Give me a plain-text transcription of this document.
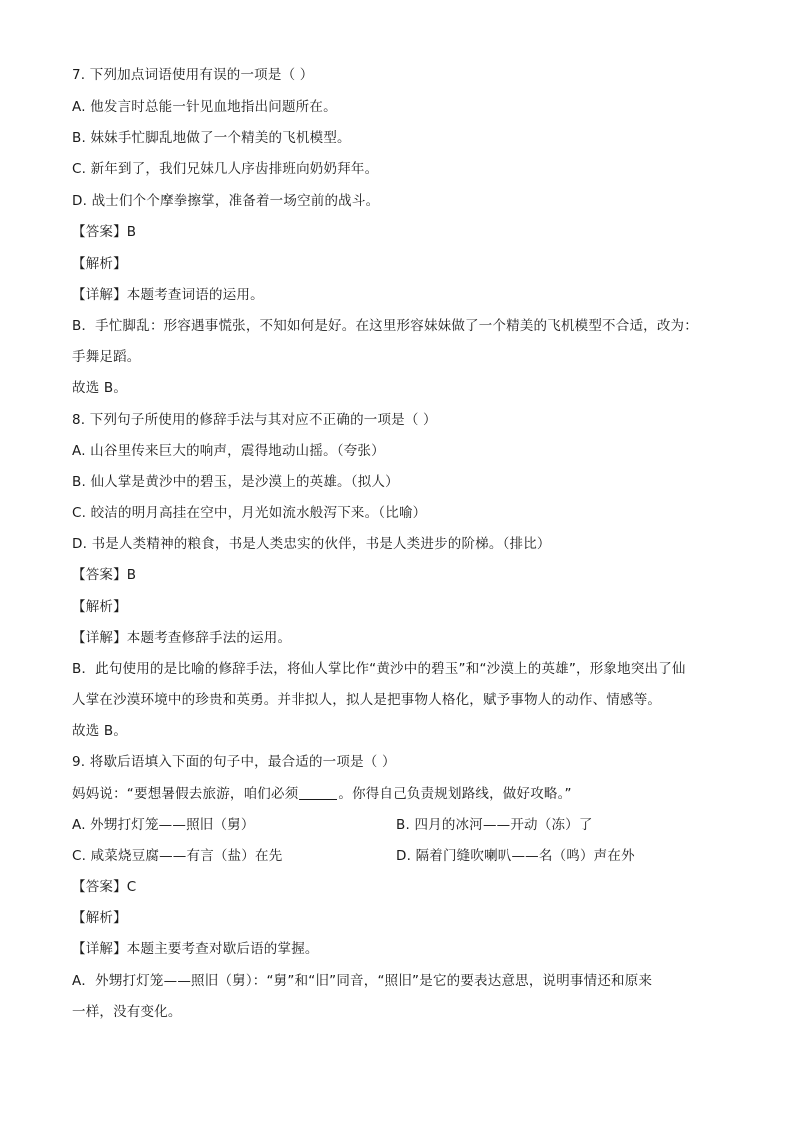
7. 下列加点词语使用有误的一项是（ ）
A. 他发言时总能一针见血地指出问题所在。
B. 妹妹手忙脚乱地做了一个精美的飞机模型。
C. 新年到了，我们兄妹几人序齿排班向奶奶拜年。
D. 战士们个个摩拳擦掌，准备着一场空前的战斗。
【答案】B
【解析】
【详解】本题考查词语的运用。
B．手忙脚乱：形容遇事慌张，不知如何是好。在这里形容妹妹做了一个精美的飞机模型不合适，改为：
手舞足蹈。
故选 B。
8. 下列句子所使用的修辞手法与其对应不正确的一项是（ ）
A. 山谷里传来巨大的响声，震得地动山摇。（夸张）
B. 仙人掌是黄沙中的碧玉，是沙漠上的英雄。（拟人）
C. 皎洁的明月高挂在空中，月光如流水般泻下来。（比喻）
D. 书是人类精神的粮食，书是人类忠实的伙伴，书是人类进步的阶梯。（排比）
【答案】B
【解析】
【详解】本题考查修辞手法的运用。
B．此句使用的是比喻的修辞手法，将仙人掌比作“黄沙中的碧玉”和“沙漠上的英雄”，形象地突出了仙
人掌在沙漠环境中的珍贵和英勇。并非拟人，拟人是把事物人格化，赋予事物人的动作、情感等。
故选 B。
9. 将歇后语填入下面的句子中，最合适的一项是（ ）
妈妈说：“要想暑假去旅游，咱们必须	。你得自己负责规划路线，做好攻略。”
A. 外甥打灯笼——照旧（舅）	B. 四月的冰河——开动（冻）了
C. 咸菜烧豆腐——有言（盐）在先	D. 隔着门缝吹喇叭——名（鸣）声在外
【答案】C
【解析】
【详解】本题主要考查对歇后语的掌握。
A．外甥打灯笼——照旧（舅）：“舅”和“旧”同音，“照旧”是它的要表达意思，说明事情还和原来
一样，没有变化。
